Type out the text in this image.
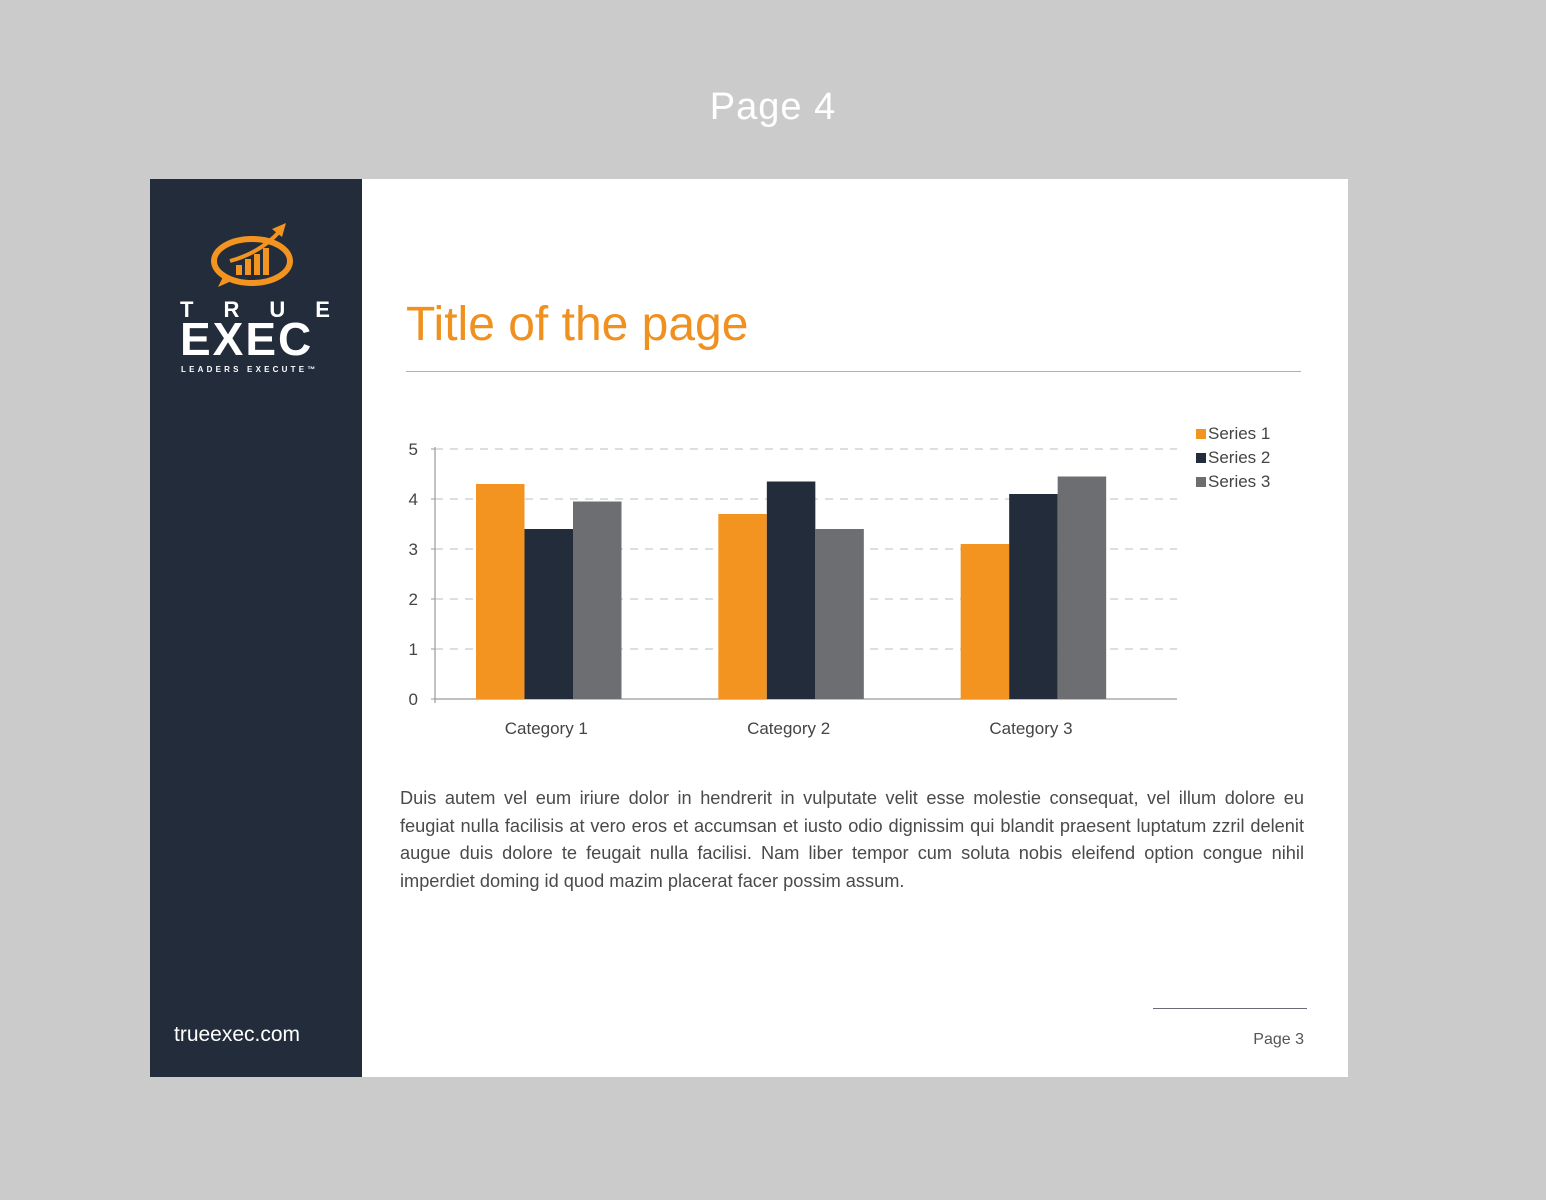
Page 4
TRUE
EXEC
LEADERS EXECUTE™
trueexec.com
Title of the page
0
1
2
3
4
5
Category 1	Category 2	Category 3
Series 1
Series 2
Series 3

Duis autem vel eum iriure dolor in hendrerit in vulputate velit esse molestie consequat, vel illum dolore eu feugiat nulla facilisis at vero eros et accumsan et iusto odio dignissim qui blandit praesent luptatum zzril delenit augue duis dolore te feugait nulla facilisi. Nam liber tempor cum soluta nobis eleifend option congue nihil imperdiet doming id quod mazim placerat facer possim assum.

Page 3
